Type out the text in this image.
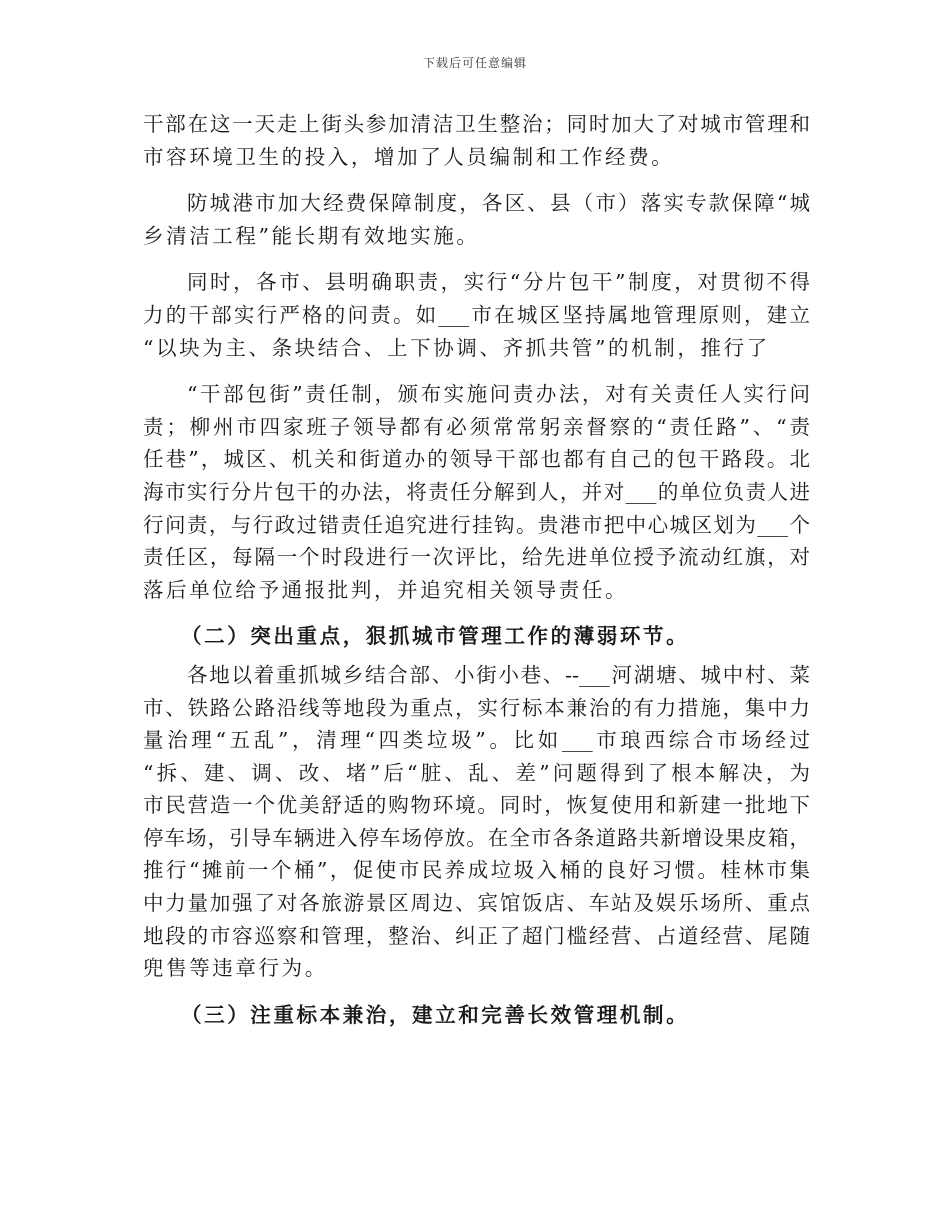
下载后可任意编辑
干部在这一天走上街头参加清洁卫生整治；同时加大了对城市管理和
市容环境卫生的投入，增加了人员编制和工作经费。
防城港市加大经费保障制度，各区、县（市）落实专款保障“城
乡清洁工程”能长期有效地实施。
同时，各市、县明确职责，实行“分片包干”制度，对贯彻不得
力的干部实行严格的问责。如___市在城区坚持属地管理原则，建立
“以块为主、条块结合、上下协调、齐抓共管”的机制，推行了
“干部包街”责任制，颁布实施问责办法，对有关责任人实行问
责；柳州市四家班子领导都有必须常常躬亲督察的“责任路”、“责
任巷”，城区、机关和街道办的领导干部也都有自己的包干路段。北
海市实行分片包干的办法，将责任分解到人，并对___的单位负责人进
行问责，与行政过错责任追究进行挂钩。贵港市把中心城区划为___个
责任区，每隔一个时段进行一次评比，给先进单位授予流动红旗，对
落后单位给予通报批判，并追究相关领导责任。
（二）突出重点，狠抓城市管理工作的薄弱环节。
各地以着重抓城乡结合部、小街小巷、--___河湖塘、城中村、菜
市、铁路公路沿线等地段为重点，实行标本兼治的有力措施，集中力
量治理“五乱”，清理“四类垃圾”。比如___市琅西综合市场经过
“拆、建、调、改、堵”后“脏、乱、差”问题得到了根本解决，为
市民营造一个优美舒适的购物环境。同时，恢复使用和新建一批地下
停车场，引导车辆进入停车场停放。在全市各条道路共新增设果皮箱，
推行“摊前一个桶”，促使市民养成垃圾入桶的良好习惯。桂林市集
中力量加强了对各旅游景区周边、宾馆饭店、车站及娱乐场所、重点
地段的市容巡察和管理，整治、纠正了超门槛经营、占道经营、尾随
兜售等违章行为。
（三）注重标本兼治，建立和完善长效管理机制。
